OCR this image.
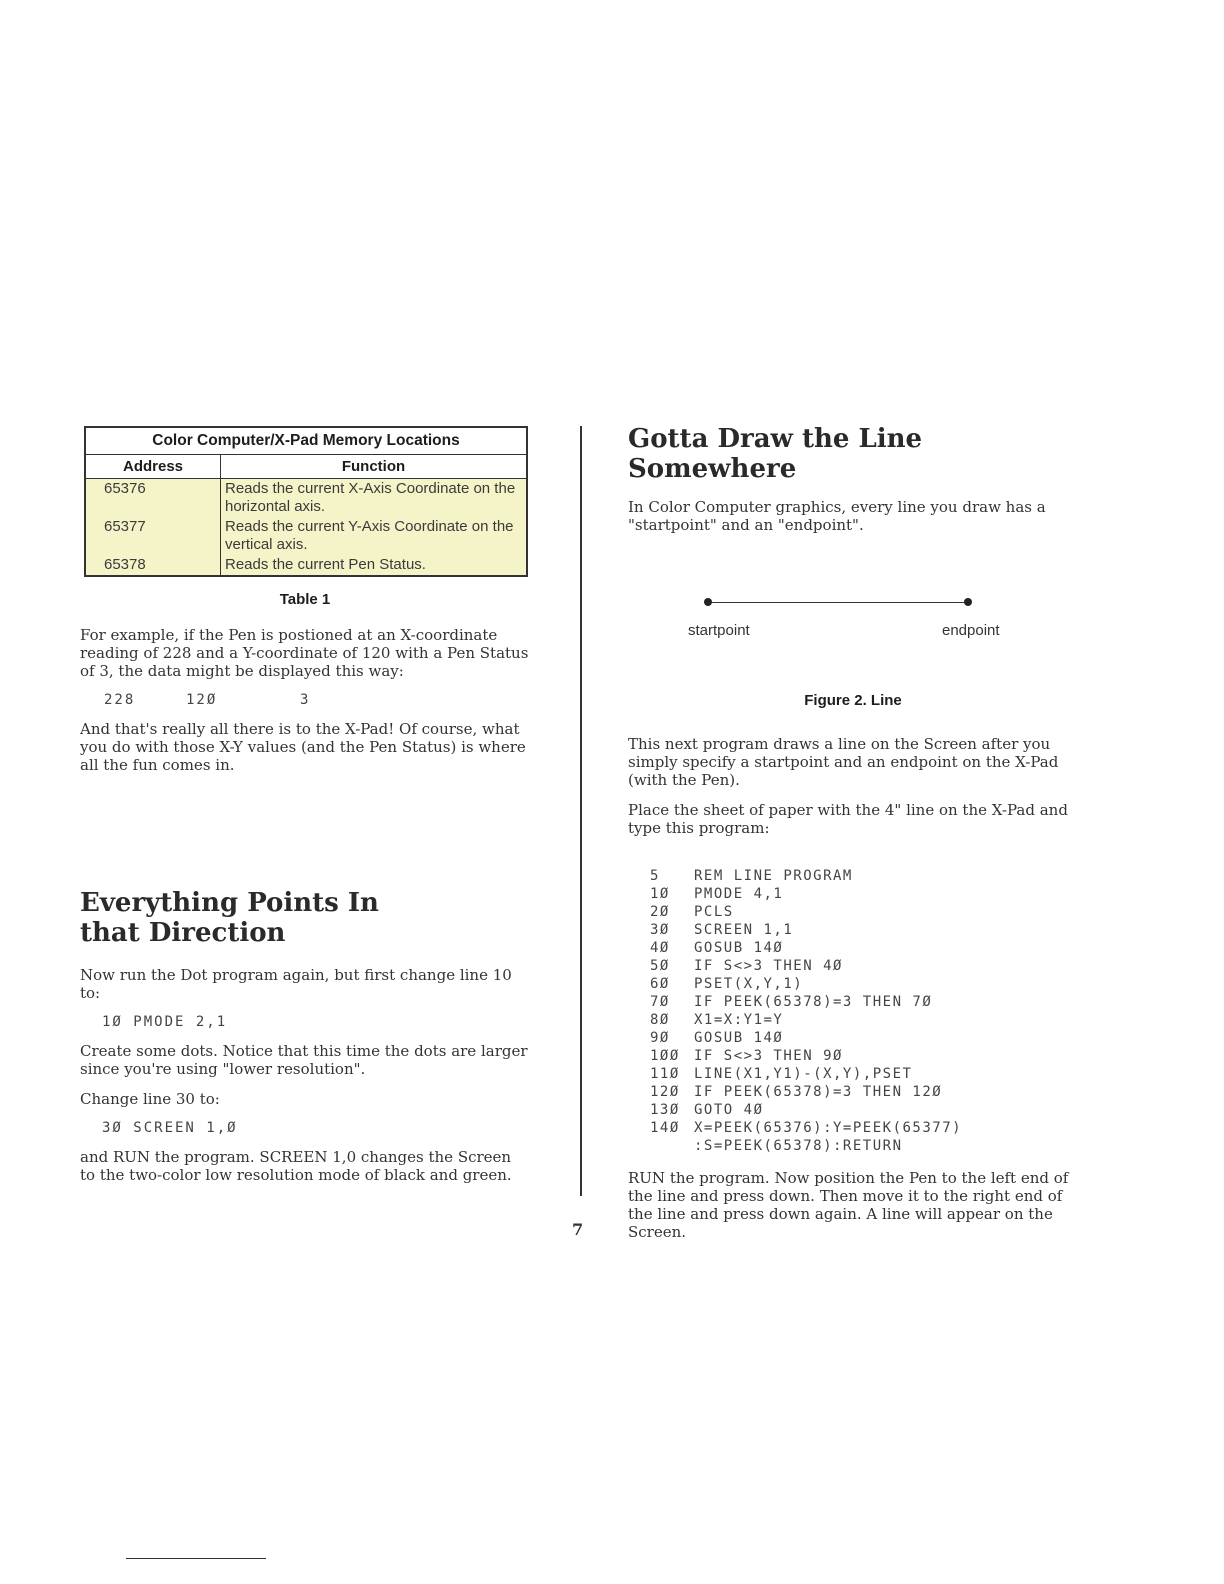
Color Computer/X-Pad Memory Locations	
Address	Function
65376	Reads the current X-Axis Coordinate on the horizontal axis.
65377	Reads the current Y-Axis Coordinate on the vertical axis.
65378	Reads the current Pen Status.
Table 1

For example, if the Pen is postioned at an X-coordinate reading of 228 and a Y-coordinate of 120 with a Pen Status of 3, the data might be displayed this way:

228	12Ø	3

And that's really all there is to the X-Pad! Of course, what you do with those X-Y values (and the Pen Status) is where all the fun comes in.

Everything Points In that Direction

Now run the Dot program again, but first change line 10 to:

1Ø PMODE 2,1

Create some dots. Notice that this time the dots are larger since you're using "lower resolution".

Change line 30 to:

3Ø SCREEN 1,Ø

and RUN the program. SCREEN 1,0 changes the Screen to the two-color low resolution mode of black and green.

Gotta Draw the Line Somewhere

In Color Computer graphics, every line you draw has a "startpoint" and an "endpoint".

startpoint	endpoint
Figure 2. Line

This next program draws a line on the Screen after you simply specify a startpoint and an endpoint on the X-Pad (with the Pen).

Place the sheet of paper with the 4" line on the X-Pad and type this program:

5	REM LINE PROGRAM
1Ø	PMODE 4,1
2Ø	PCLS
3Ø	SCREEN 1,1
4Ø	GOSUB 14Ø
5Ø	IF S<>3 THEN 4Ø
6Ø	PSET(X,Y,1)
7Ø	IF PEEK(65378)=3 THEN 7Ø
8Ø	X1=X:Y1=Y
9Ø	GOSUB 14Ø
1ØØ	IF S<>3 THEN 9Ø
11Ø	LINE(X1,Y1)-(X,Y),PSET
12Ø	IF PEEK(65378)=3 THEN 12Ø
13Ø	GOTO 4Ø
14Ø	X=PEEK(65376):Y=PEEK(65377)
:S=PEEK(65378):RETURN

RUN the program. Now position the Pen to the left end of the line and press down. Then move it to the right end of the line and press down again. A line will appear on the Screen.

7
